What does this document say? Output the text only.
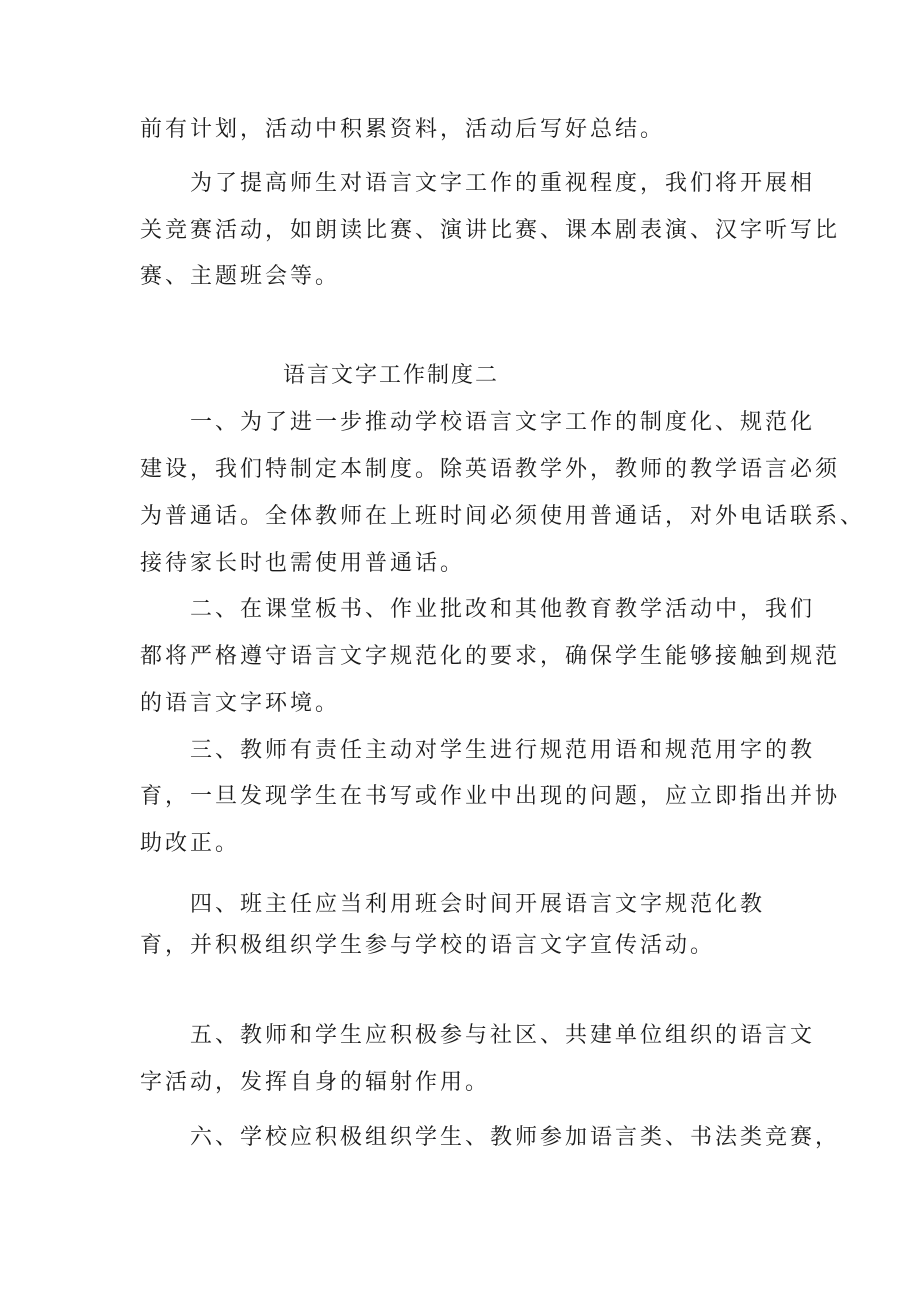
前有计划，活动中积累资料，活动后写好总结。
为了提高师生对语言文字工作的重视程度，我们将开展相
关竞赛活动，如朗读比赛、演讲比赛、课本剧表演、汉字听写比
赛、主题班会等。
语言文字工作制度二
一、为了进一步推动学校语言文字工作的制度化、规范化
建设，我们特制定本制度。除英语教学外，教师的教学语言必须
为普通话。全体教师在上班时间必须使用普通话，对外电话联系、
接待家长时也需使用普通话。
二、在课堂板书、作业批改和其他教育教学活动中，我们
都将严格遵守语言文字规范化的要求，确保学生能够接触到规范
的语言文字环境。
三、教师有责任主动对学生进行规范用语和规范用字的教
育，一旦发现学生在书写或作业中出现的问题，应立即指出并协
助改正。
四、班主任应当利用班会时间开展语言文字规范化教
育，并积极组织学生参与学校的语言文字宣传活动。
五、教师和学生应积极参与社区、共建单位组织的语言文
字活动，发挥自身的辐射作用。
六、学校应积极组织学生、教师参加语言类、书法类竞赛，
